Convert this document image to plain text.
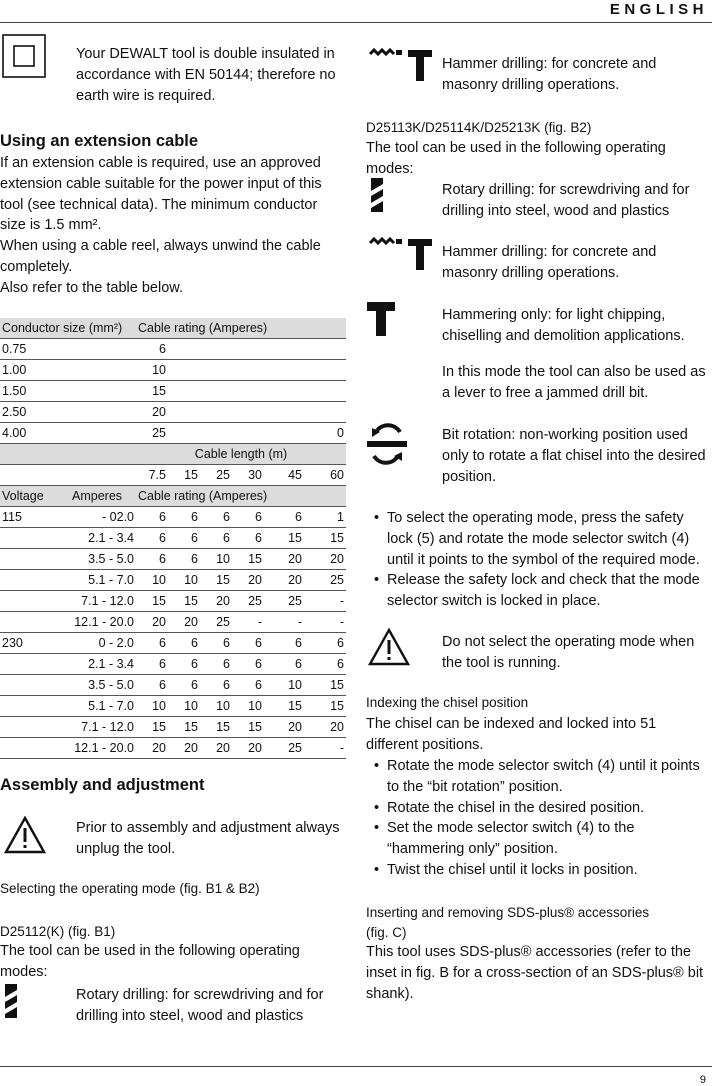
ENGLISH
9

Your DEWALT tool is double insulated in accordance with EN 50144; therefore no earth wire is required.

Using an extension cable

If an extension cable is required, use an approved extension cable suitable for the power input of this tool (see technical data). The minimum conductor size is 1.5 mm².

When using a cable reel, always unwind the cable completely.

Also refer to the table below.

Conductor size (mm²)		Cable rating (Amperes)					
0.75		6					
1.00		10					
1.50		15					
2.50		20					
4.00		25					0
		Cable length (m)					
		7.5	15	25	30	45	60
Voltage	Amperes	Cable rating (Amperes)					
115	- 02.0	6	6	6	6	6	1
	2.1 - 3.4	6	6	6	6	15	15
	3.5 - 5.0	6	6	10	15	20	20
	5.1 - 7.0	10	10	15	20	20	25
	7.1 - 12.0	15	15	20	25	25	-
	12.1 - 20.0	20	20	25	-	-	-
230	0 - 2.0	6	6	6	6	6	6
	2.1 - 3.4	6	6	6	6	6	6
	3.5 - 5.0	6	6	6	6	10	15
	5.1 - 7.0	10	10	10	10	15	15
	7.1 - 12.0	15	15	15	15	20	20
	12.1 - 20.0	20	20	20	20	25	-
Assembly and adjustment

Prior to assembly and adjustment always unplug the tool.

Selecting the operating mode (fig. B1 & B2)

D25112(K) (fig. B1)

The tool can be used in the following operating modes:

Rotary drilling: for screwdriving and for drilling into steel, wood and plastics

Hammer drilling: for concrete and masonry drilling operations.

D25113K/D25114K/D25213K (fig. B2)

The tool can be used in the following operating modes:

Rotary drilling: for screwdriving and for drilling into steel, wood and plastics

Hammer drilling: for concrete and masonry drilling operations.

Hammering only: for light chipping, chiselling and demolition applications.

In this mode the tool can also be used as a lever to free a jammed drill bit.

Bit rotation: non-working position used only to rotate a flat chisel into the desired position.

• To select the operating mode, press the safety lock (5) and rotate the mode selector switch (4) until it points to the symbol of the required mode.
• Release the safety lock and check that the mode selector switch is locked in place.

Do not select the operating mode when the tool is running.

Indexing the chisel position

The chisel can be indexed and locked into 51 different positions.

• Rotate the mode selector switch (4) until it points to the “bit rotation” position.
• Rotate the chisel in the desired position.
• Set the mode selector switch (4) to the “hammering only” position.
• Twist the chisel until it locks in position.

Inserting and removing SDS-plus® accessories (fig. C)

This tool uses SDS-plus® accessories (refer to the inset in fig. B for a cross-section of an SDS-plus® bit shank).
